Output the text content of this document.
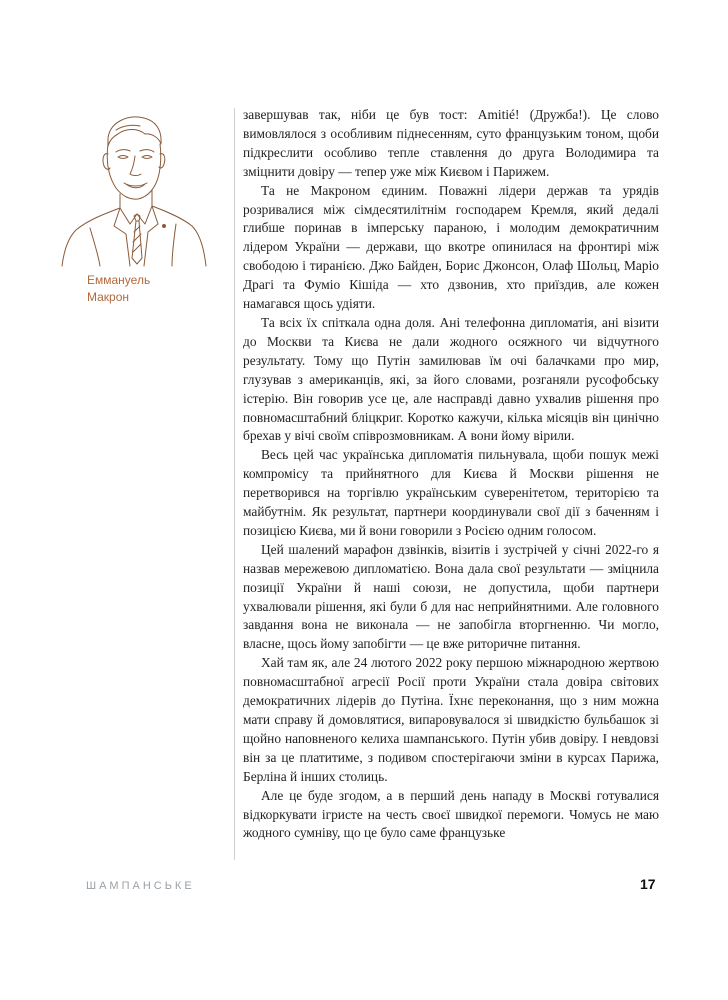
Еммануель
Макрон

завершував так, ніби це був тост: Amitié! (Дружба!). Це слово вимовлялося з особливим піднесенням, суто французьким тоном, щоби підкреслити особливо тепле ставлення до друга Володимира та зміцнити довіру — тепер уже між Києвом і Парижем.

Та не Макроном єдиним. Поважні лідери держав та урядів розривалися між сімдесятилітнім господарем Кремля, який дедалі глибше поринав в імперську параною, і молодим демократичним лідером України — держави, що вкотре опинилася на фронтирі між свободою і тиранією. Джо Байден, Борис Джонсон, Олаф Шольц, Маріо Драгі та Фуміо Кішіда — хто дзвонив, хто приїздив, але кожен намагався щось удіяти.

Та всіх їх спіткала одна доля. Ані телефонна дипломатія, ані візити до Москви та Києва не дали жодного осяжного чи відчутного результату. Тому що Путін замилював їм очі балачками про мир, глузував з американців, які, за його словами, розганяли русофобську істерію. Він говорив усе це, але насправді давно ухвалив рішення про повномасштабний бліцкриг. Коротко кажучи, кілька місяців він цинічно брехав у вічі своїм співрозмовникам. А вони йому вірили.

Весь цей час українська дипломатія пильнувала, щоби пошук межі компромісу та прийнятного для Києва й Москви рішення не перетворився на торгівлю українським суверенітетом, територією та майбутнім. Як результат, партнери координували свої дії з баченням і позицією Києва, ми й вони говорили з Росією одним голосом.

Цей шалений марафон дзвінків, візитів і зустрічей у січні 2022-го я назвав мережевою дипломатією. Вона дала свої результати — зміцнила позиції України й наші союзи, не допустила, щоби партнери ухвалювали рішення, які були б для нас неприйнятними. Але головного завдання вона не виконала — не запобігла вторгненню. Чи могло, власне, щось йому запобігти — це вже риторичне питання.

Хай там як, але 24 лютого 2022 року першою міжнародною жертвою повномасштабної агресії Росії проти України стала довіра світових демократичних лідерів до Путіна. Їхнє переконання, що з ним можна мати справу й домовлятися, випаровувалося зі швидкістю бульбашок зі щойно наповненого келиха шампанського. Путін убив довіру. І невдовзі він за це платитиме, з подивом спостерігаючи зміни в курсах Парижа, Берліна й інших столиць.

Але це буде згодом, а в перший день нападу в Москві готувалися відкоркувати ігристе на честь своєї швидкої перемоги. Чомусь не маю жодного сумніву, що це було саме французьке

ШАМПАНСЬКЕ	17
